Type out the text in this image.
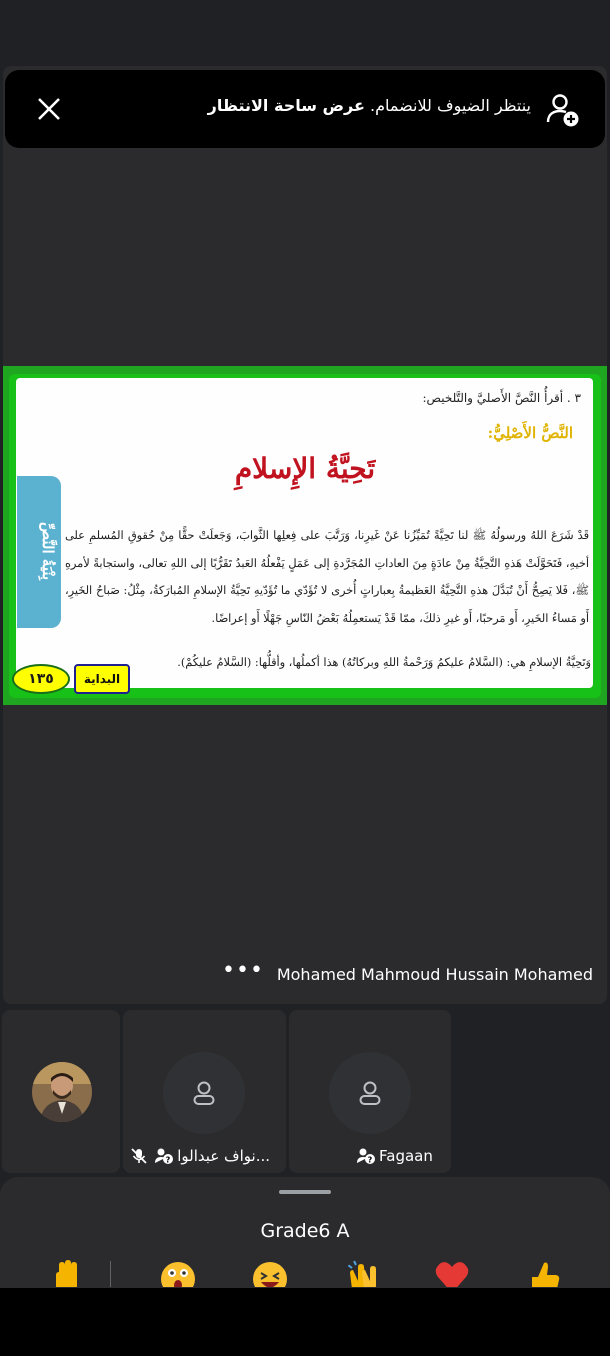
ينتظر الضيوف للانضمام. عرض ساحة الانتظار
بِنْيَةُ النَّصِّ
٣ . أقرأُ النَّصَّ الأَصليَّ والتَّلخيص:
النَّصُّ الأَصْلِيُّ:
تَحِيَّةُ الإِسلامِ
قَدْ شَرَعَ اللهُ ورسولُهُ ﷺ لنا تَحِيَّةً تُمَيِّزُنا عَنْ غَيرِنا، وَرَتَّبَ على فِعلِها الثَّوابَ، وَجَعلَتْ حقًّا مِنْ حُقوقِ المُسلمِ على أخيهِ، فَتَحَوَّلَتْ هَذهِ التَّحِيَّةُ مِنْ عادَةٍ مِنَ العاداتِ المُجَرَّدةِ إلى عَمَلٍ يَفْعلُهُ العَبدُ تَقَرُّبًا إلى اللهِ تعالى، واستجابةً لأمرهِ ﷺ، فَلا يَصِحُّ أَنْ تُبَدَّلَ هذهِ التَّحِيَّةُ العَظيمةُ بِعباراتٍ أُخرى لا تُؤَدّي ما تُؤَدّيهِ تَحِيَّةُ الإسلامِ المُبارَكةُ، مِثْلُ: صَباحُ الخَيرِ، أَو مَساءُ الخَيرِ، أَو مَرحبًا، أَو غيرِ ذلكَ، ممّا قَدْ يَستعمِلُهُ بَعْضُ النّاسِ جَهْلًا أَو إعراضًا.
وَتَحِيَّةُ الإسلامِ هي: (السَّلامُ عليكمُ وَرَحْمةُ اللهِ وبركاتُهُ) هذا أكملُها، وأقلُّها: (السَّلامُ عليكُمْ).
١٣٥	البداية
Mohamed Mahmoud Hussain Mohamed
•••
? نواف عبدالوا...	? Fagaan
Grade6 A
